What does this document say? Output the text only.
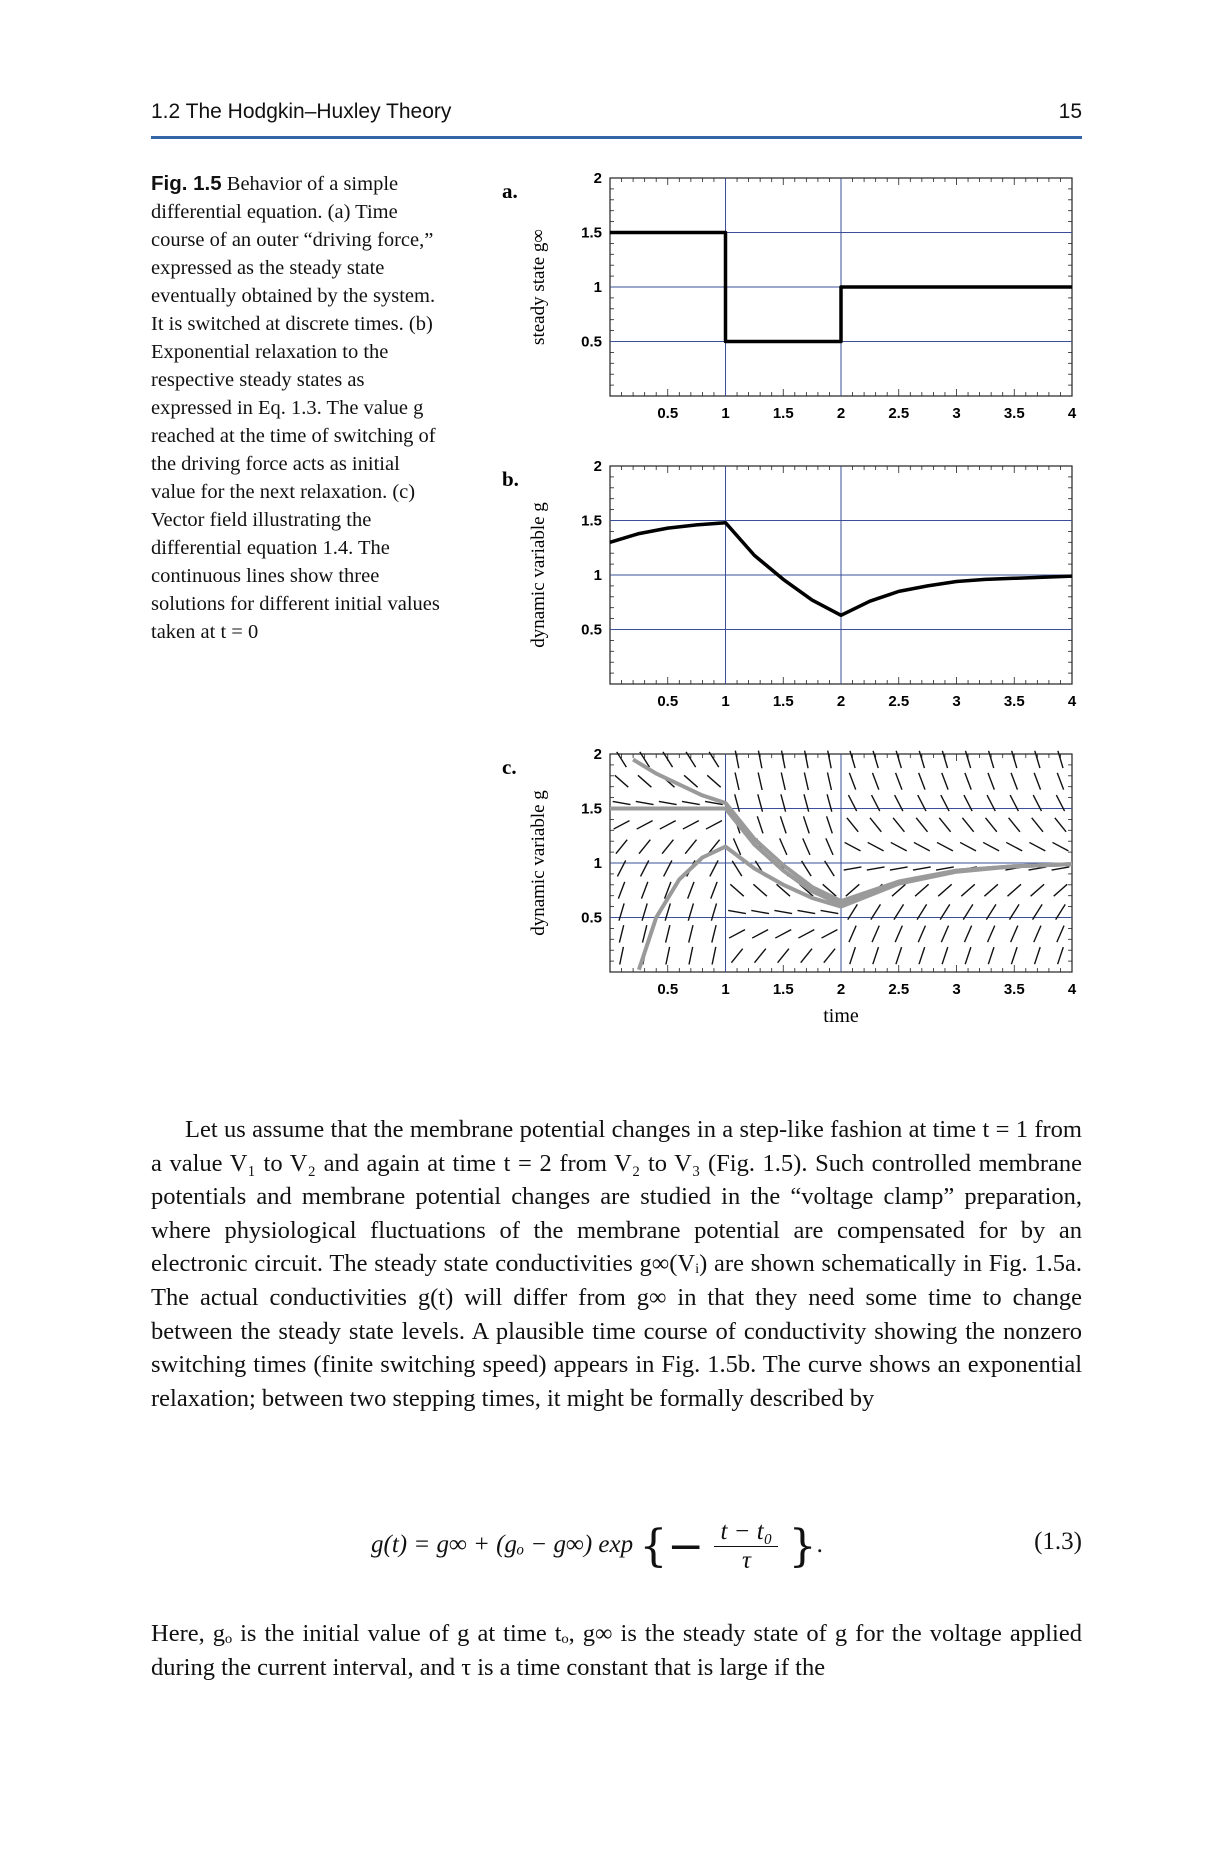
1.2 The Hodgkin–Huxley Theory	15
Fig. 1.5 Behavior of a simple differential equation. (a) Time course of an outer “driving force,” expressed as the steady state eventually obtained by the system. It is switched at discrete times. (b) Exponential relaxation to the respective steady states as expressed in Eq. 1.3. The value g reached at the time of switching of the driving force acts as initial value for the next relaxation. (c) Vector field illustrating the differential equation 1.4. The continuous lines show three solutions for different initial values taken at t = 0
0.5	1	1.5	2	2.5	3	3.5	4
0.5
1
1.5
2
a.
steady state g∞
0.5	1	1.5	2	2.5	3	3.5	4
0.5
1
1.5
2
b.
dynamic variable g
0.5	1	1.5	2	2.5	3	3.5	4
0.5
1
1.5
2
c.
dynamic variable g
time

Let us assume that the membrane potential changes in a step-like fashion at time t = 1 from a value V₁ to V₂ and again at time t = 2 from V₂ to V₃ (Fig. 1.5). Such controlled membrane potentials and membrane potential changes are studied in the “voltage clamp” preparation, where physiological fluctuations of the membrane potential are compensated for by an electronic circuit. The steady state conductivities g∞(Vᵢ) are shown schematically in Fig. 1.5a. The actual conductivities g(t) will differ from g∞ in that they need some time to change between the steady state levels. A plausible time course of conductivity showing the nonzero switching times (finite switching speed) appears in Fig. 1.5b. The curve shows an exponential relaxation; between two stepping times, it might be formally described by

g(t) = g∞ + (gₒ − g∞) exp {− $\frac{\text{t − t₀}}{\tau}$ }.	(1.3)

Here, gₒ is the initial value of g at time tₒ, g∞ is the steady state of g for the voltage applied during the current interval, and τ is a time constant that is large if the
